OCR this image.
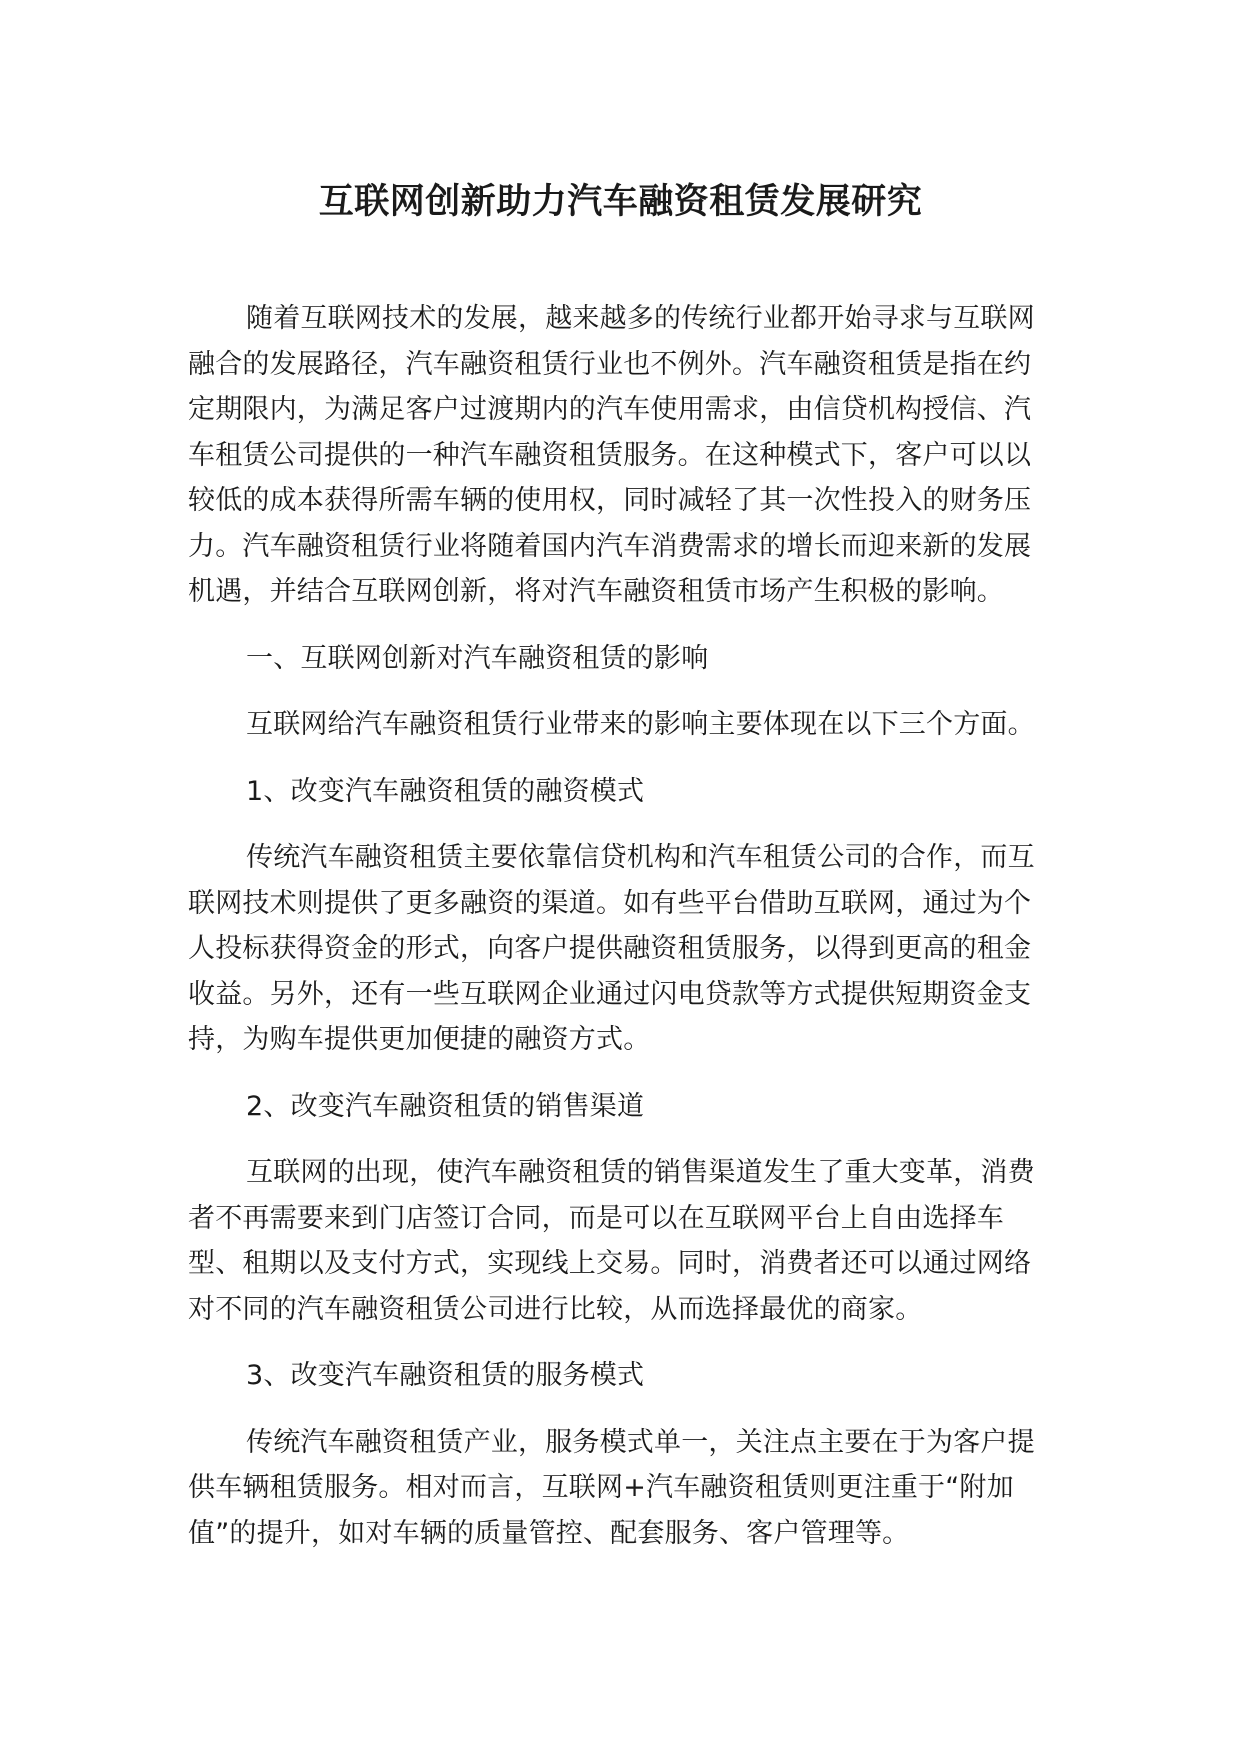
互联网创新助力汽车融资租赁发展研究

随着互联网技术的发展，越来越多的传统行业都开始寻求与互联网融合的发展路径，汽车融资租赁行业也不例外。汽车融资租赁是指在约定期限内，为满足客户过渡期内的汽车使用需求，由信贷机构授信、汽车租赁公司提供的一种汽车融资租赁服务。在这种模式下，客户可以以较低的成本获得所需车辆的使用权，同时减轻了其一次性投入的财务压力。汽车融资租赁行业将随着国内汽车消费需求的增长而迎来新的发展机遇，并结合互联网创新，将对汽车融资租赁市场产生积极的影响。

一、互联网创新对汽车融资租赁的影响

互联网给汽车融资租赁行业带来的影响主要体现在以下三个方面。

1、改变汽车融资租赁的融资模式

传统汽车融资租赁主要依靠信贷机构和汽车租赁公司的合作，而互联网技术则提供了更多融资的渠道。如有些平台借助互联网，通过为个人投标获得资金的形式，向客户提供融资租赁服务，以得到更高的租金收益。另外，还有一些互联网企业通过闪电贷款等方式提供短期资金支持，为购车提供更加便捷的融资方式。

2、改变汽车融资租赁的销售渠道

互联网的出现，使汽车融资租赁的销售渠道发生了重大变革，消费者不再需要来到门店签订合同，而是可以在互联网平台上自由选择车型、租期以及支付方式，实现线上交易。同时，消费者还可以通过网络对不同的汽车融资租赁公司进行比较，从而选择最优的商家。

3、改变汽车融资租赁的服务模式

传统汽车融资租赁产业，服务模式单一，关注点主要在于为客户提供车辆租赁服务。相对而言，互联网+汽车融资租赁则更注重于“附加值”的提升，如对车辆的质量管控、配套服务、客户管理等。
